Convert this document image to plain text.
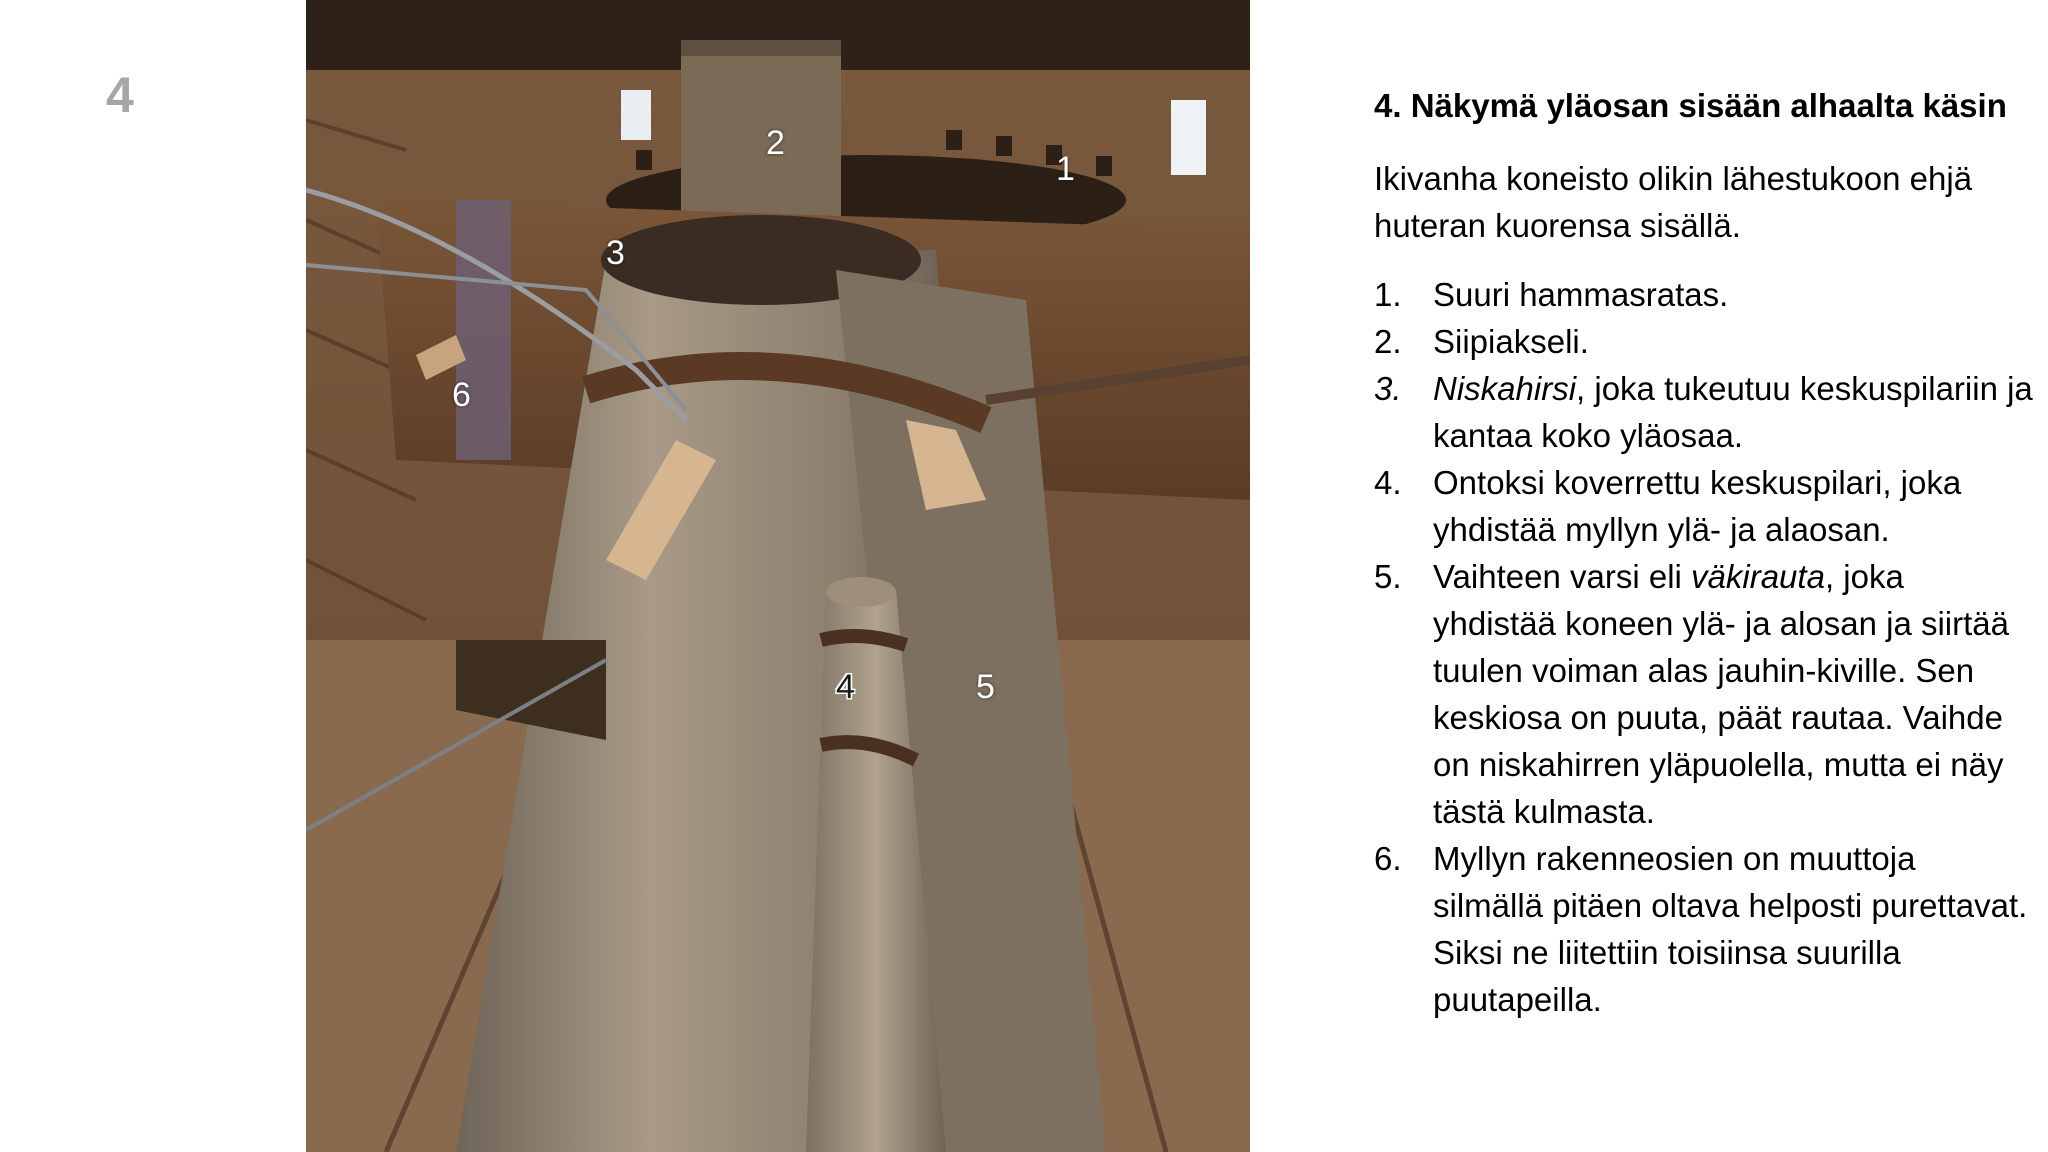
4
2
1
3
6
4	5
4. Näkymä yläosan sisään alhaalta käsin
Ikivanha koneisto olikin lähestukoon ehjä huteran kuorensa sisällä.
1. Suuri hammasratas.
2. Siipiakseli.
3. Niskahirsi, joka tukeutuu keskuspilariin ja kantaa koko yläosaa.
4. Ontoksi koverrettu keskuspilari, joka yhdistää myllyn ylä- ja alaosan.
5. Vaihteen varsi eli väkirauta, joka yhdistää koneen ylä- ja alosan ja siirtää tuulen voiman alas jauhin-kiville. Sen keskiosa on puuta, päät rautaa. Vaihde on niskahirren yläpuolella, mutta ei näy tästä kulmasta.
6. Myllyn rakenneosien on muuttoja silmällä pitäen oltava helposti purettavat. Siksi ne liitettiin toisiinsa suurilla puutapeilla.
